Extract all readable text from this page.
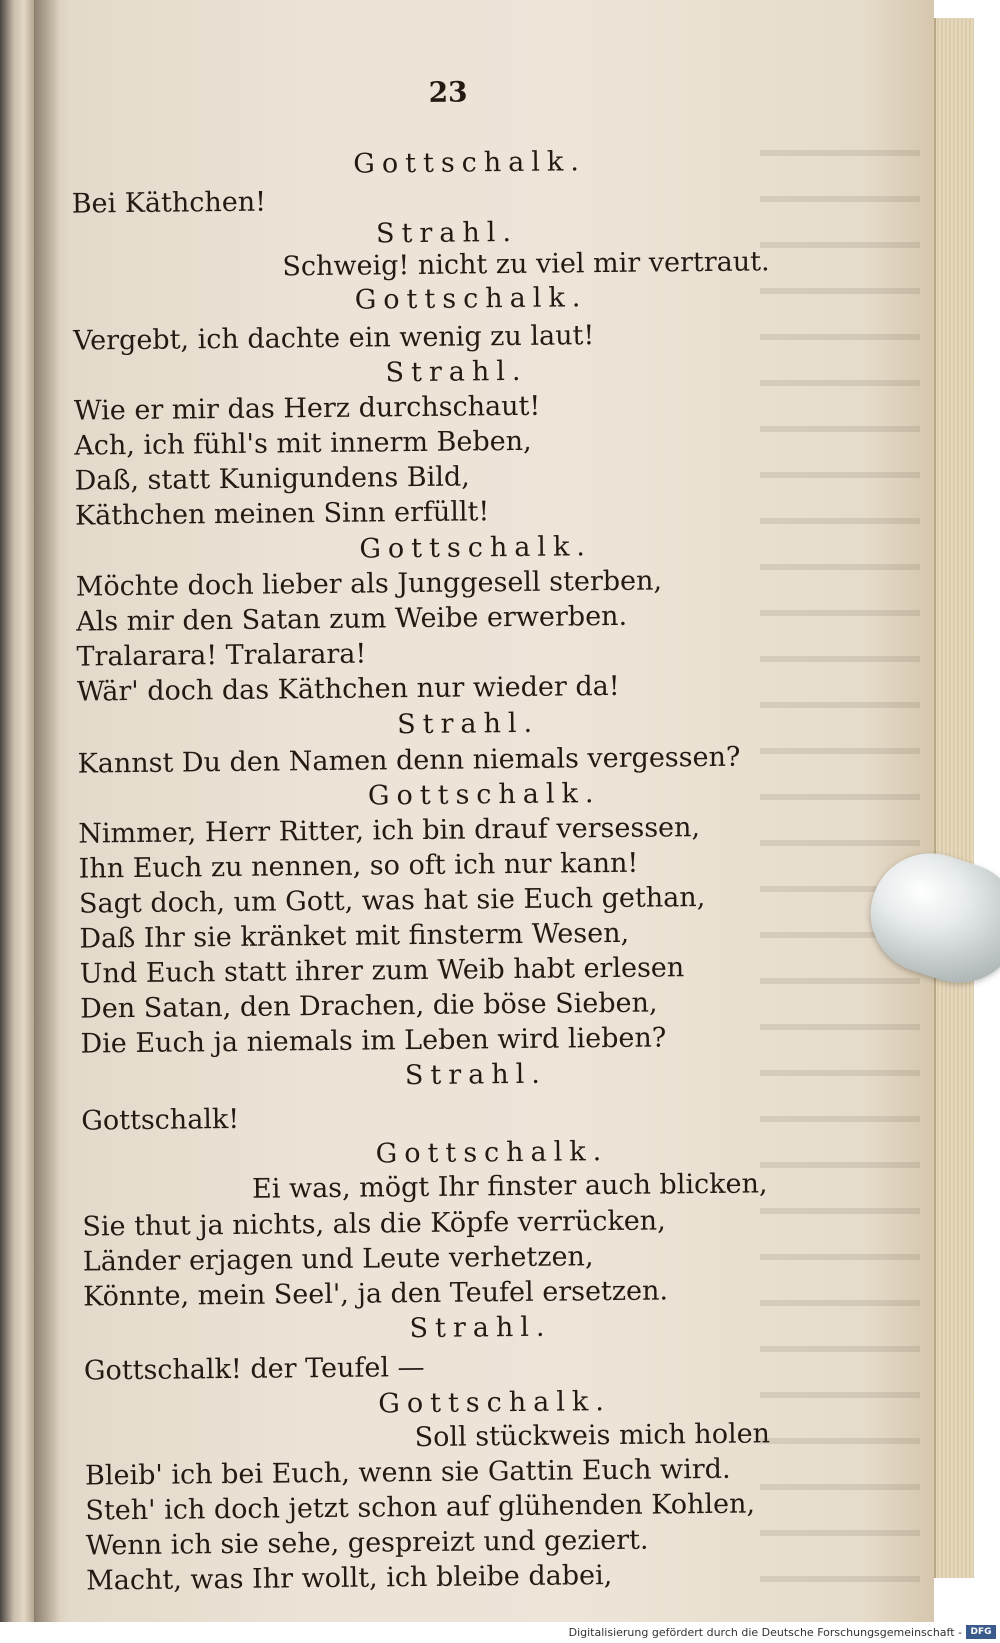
23
Gottschalk.
Bei Käthchen!
Strahl.
Schweig! nicht zu viel mir vertraut.
Gottschalk.
Vergebt, ich dachte ein wenig zu laut!
Strahl.
Wie er mir das Herz durchschaut!
Ach, ich fühl's mit innerm Beben,
Daß, statt Kunigundens Bild,
Käthchen meinen Sinn erfüllt!
Gottschalk.
Möchte doch lieber als Junggesell sterben,
Als mir den Satan zum Weibe erwerben.
Tralarara! Tralarara!
Wär' doch das Käthchen nur wieder da!
Strahl.
Kannst Du den Namen denn niemals vergessen?
Gottschalk.
Nimmer, Herr Ritter, ich bin drauf versessen,
Ihn Euch zu nennen, so oft ich nur kann!
Sagt doch, um Gott, was hat sie Euch gethan,
Daß Ihr sie kränket mit finsterm Wesen,
Und Euch statt ihrer zum Weib habt erlesen
Den Satan, den Drachen, die böse Sieben,
Die Euch ja niemals im Leben wird lieben?
Strahl.
Gottschalk!
Gottschalk.
Ei was, mögt Ihr finster auch blicken,
Sie thut ja nichts, als die Köpfe verrücken,
Länder erjagen und Leute verhetzen,
Könnte, mein Seel', ja den Teufel ersetzen.
Strahl.
Gottschalk! der Teufel —
Gottschalk.
Soll stückweis mich holen
Bleib' ich bei Euch, wenn sie Gattin Euch wird.
Steh' ich doch jetzt schon auf glühenden Kohlen,
Wenn ich sie sehe, gespreizt und geziert.
Macht, was Ihr wollt, ich bleibe dabei,
Digitalisierung gefördert durch die Deutsche Forschungsgemeinschaft - DFG
